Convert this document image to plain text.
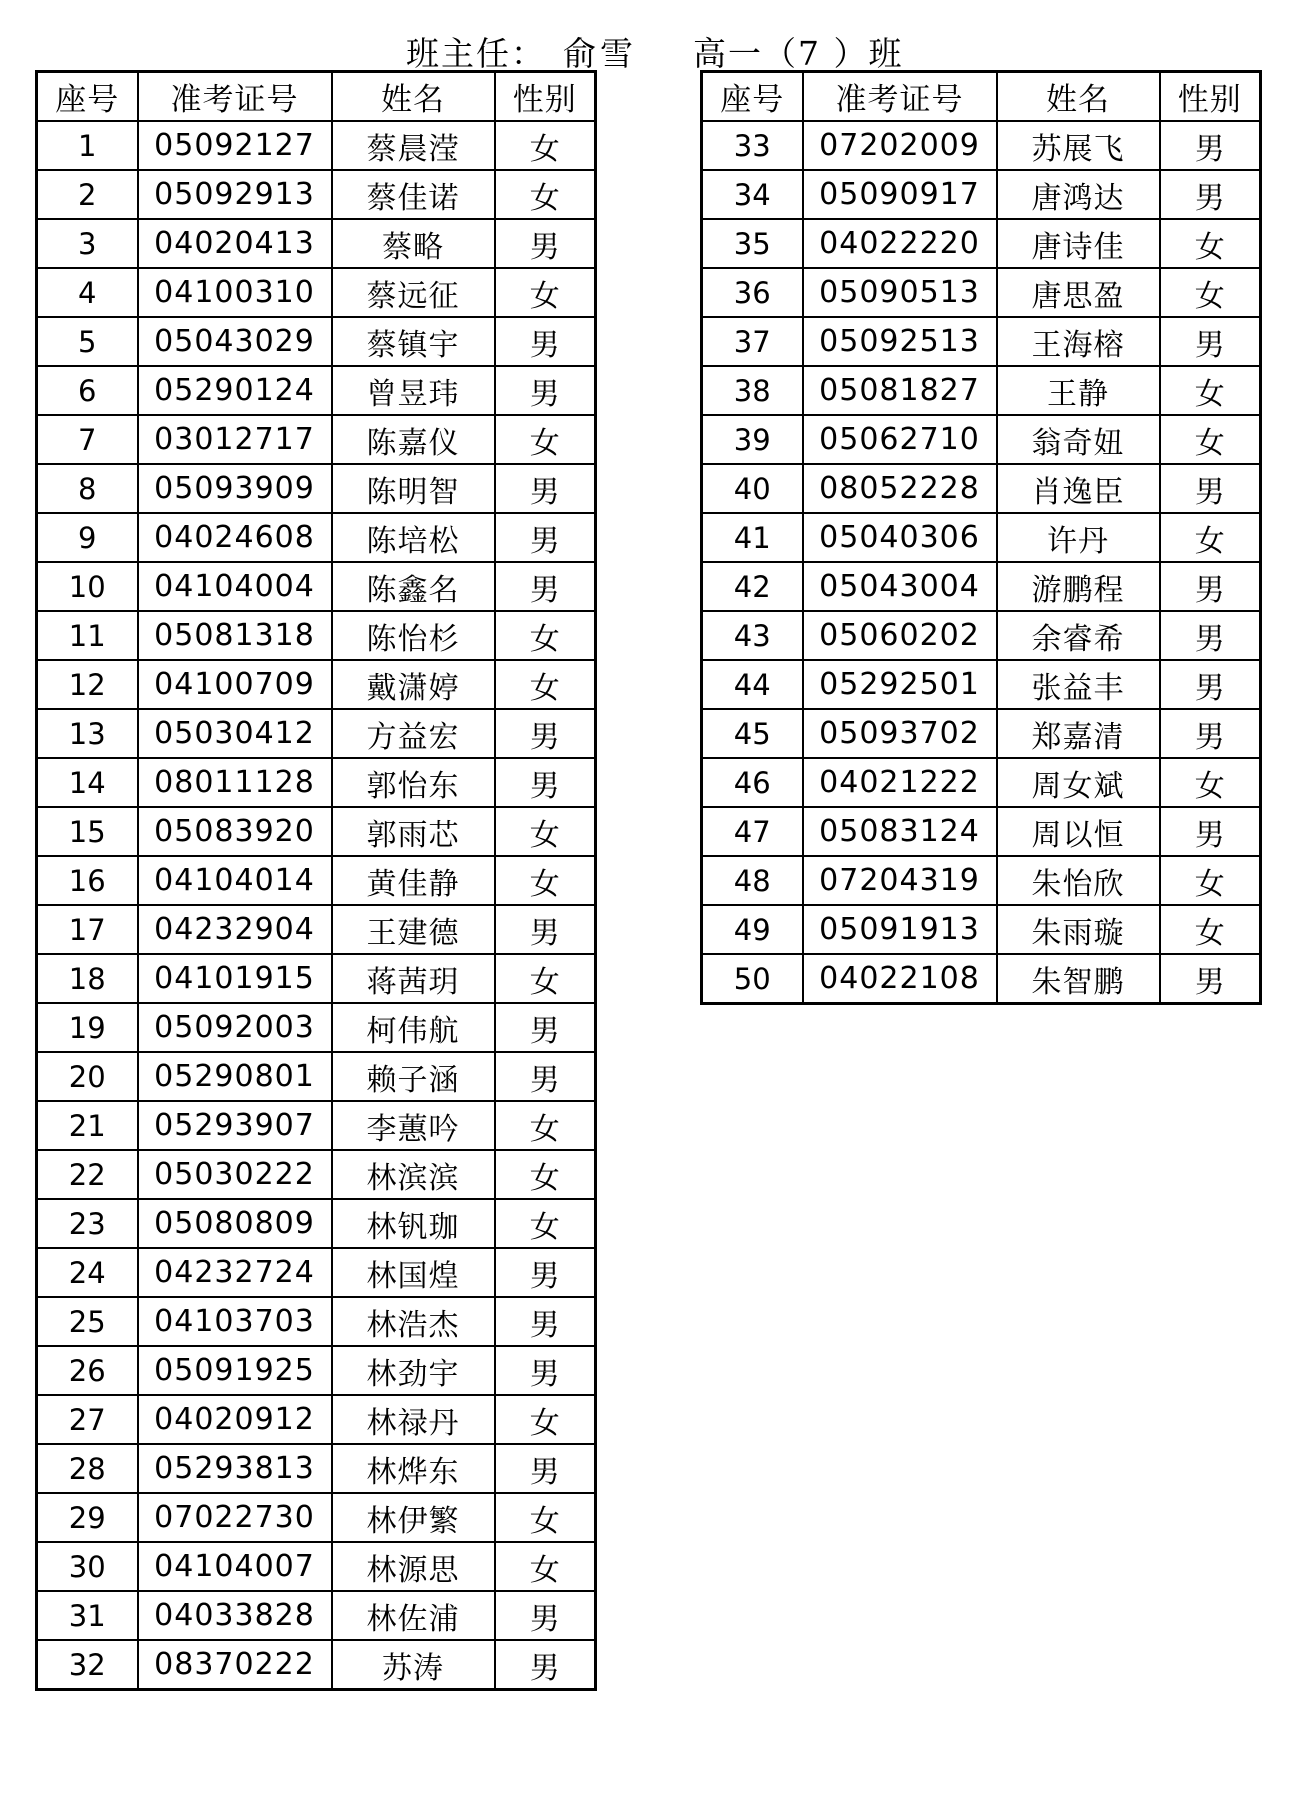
班主任： 俞雪 高一（7 ）班
座号	准考证号	姓名	性别
1	05092127	蔡晨滢	女
2	05092913	蔡佳诺	女
3	04020413	蔡略	男
4	04100310	蔡远征	女
5	05043029	蔡镇宇	男
6	05290124	曾昱玮	男
7	03012717	陈嘉仪	女
8	05093909	陈明智	男
9	04024608	陈培松	男
10	04104004	陈鑫名	男
11	05081318	陈怡杉	女
12	04100709	戴潇婷	女
13	05030412	方益宏	男
14	08011128	郭怡东	男
15	05083920	郭雨芯	女
16	04104014	黄佳静	女
17	04232904	王建德	男
18	04101915	蒋茜玥	女
19	05092003	柯伟航	男
20	05290801	赖子涵	男
21	05293907	李蕙吟	女
22	05030222	林滨滨	女
23	05080809	林钒珈	女
24	04232724	林国煌	男
25	04103703	林浩杰	男
26	05091925	林劲宇	男
27	04020912	林禄丹	女
28	05293813	林烨东	男
29	07022730	林伊繁	女
30	04104007	林源思	女
31	04033828	林佐浦	男
32	08370222	苏涛	男
座号	准考证号	姓名	性别
33	07202009	苏展飞	男
34	05090917	唐鸿达	男
35	04022220	唐诗佳	女
36	05090513	唐思盈	女
37	05092513	王海榕	男
38	05081827	王静	女
39	05062710	翁奇妞	女
40	08052228	肖逸臣	男
41	05040306	许丹	女
42	05043004	游鹏程	男
43	05060202	余睿希	男
44	05292501	张益丰	男
45	05093702	郑嘉清	男
46	04021222	周女斌	女
47	05083124	周以恒	男
48	07204319	朱怡欣	女
49	05091913	朱雨璇	女
50	04022108	朱智鹏	男
